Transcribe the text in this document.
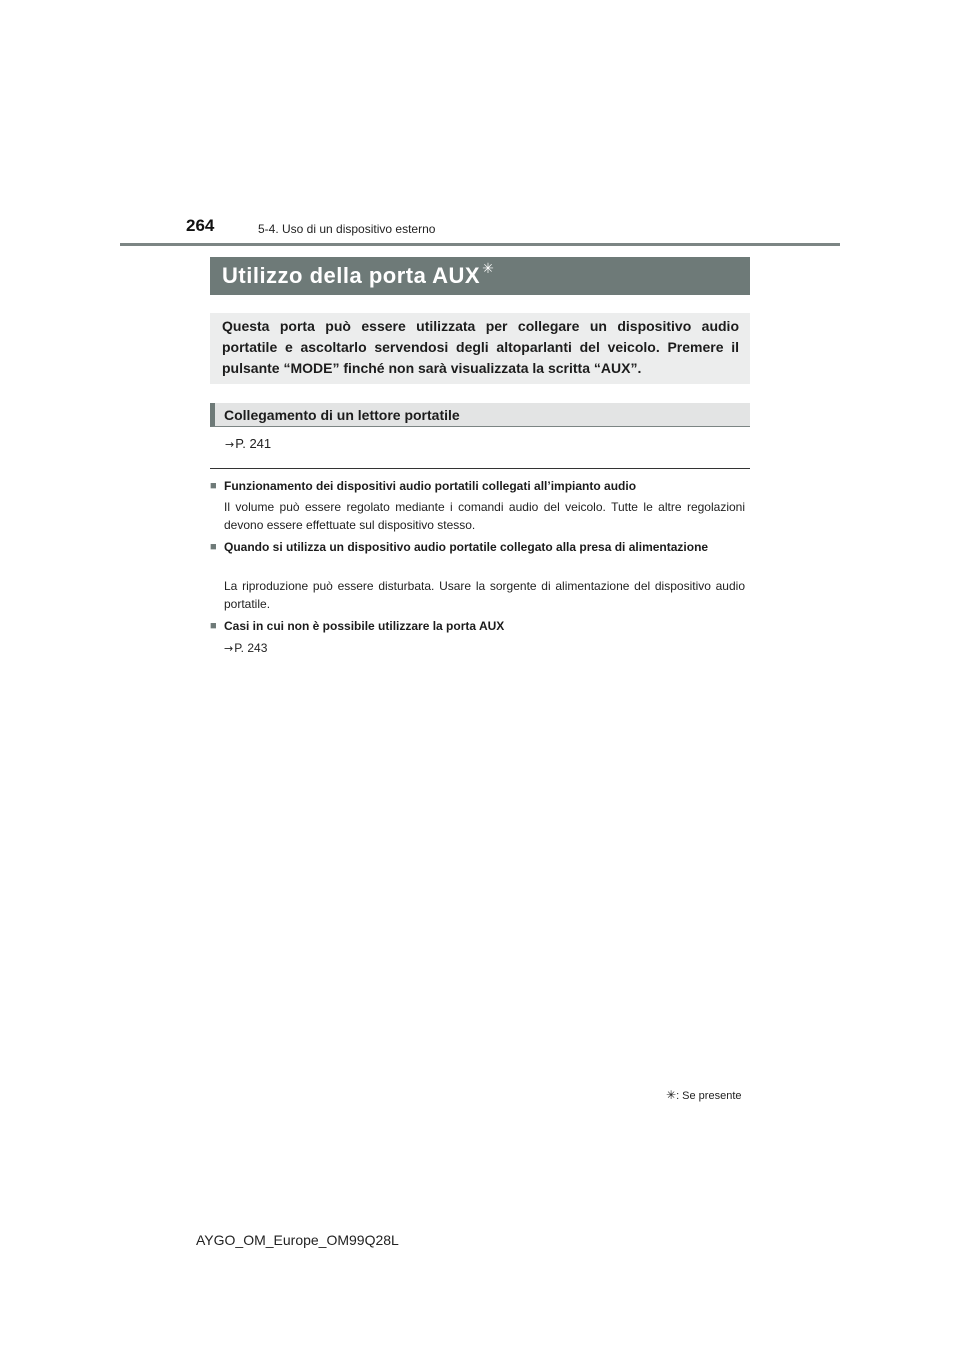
264	5-4. Uso di un dispositivo esterno
Utilizzo della porta AUX ✳
Questa porta può essere utilizzata per collegare un dispositivo audio portatile e ascoltarlo servendosi degli altoparlanti del veicolo. Premere il pulsante “MODE” finché non sarà visualizzata la scritta “AUX”.
Collegamento di un lettore portatile
→P. 241
■ Funzionamento dei dispositivi audio portatili collegati all’impianto audio
Il volume può essere regolato mediante i comandi audio del veicolo. Tutte le altre regolazioni devono essere effettuate sul dispositivo stesso.
■ Quando si utilizza un dispositivo audio portatile collegato alla presa di alimentazione
La riproduzione può essere disturbata. Usare la sorgente di alimentazione del dispositivo audio portatile.
■ Casi in cui non è possibile utilizzare la porta AUX
→P. 243
✳: Se presente
AYGO_OM_Europe_OM99Q28L
